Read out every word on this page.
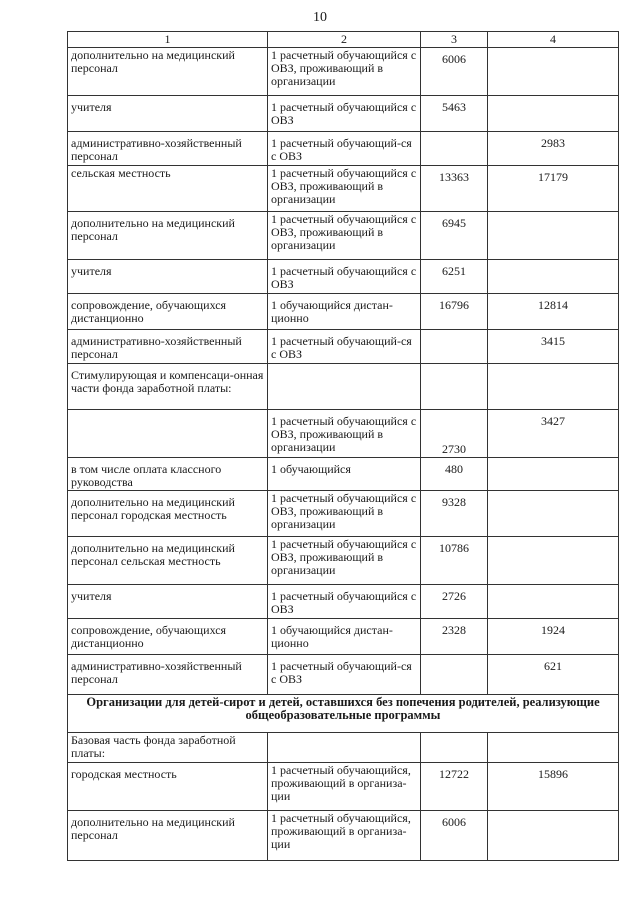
10
1	2	3	4
дополнительно на медицинский персонал	1 расчетный обучающийся с ОВЗ, проживающий в организации	6006	
учителя	1 расчетный обучающийся с ОВЗ	5463	
административно-хозяйственный персонал	1 расчетный обучающий-ся с ОВЗ		2983
сельская местность	1 расчетный обучающийся с ОВЗ, проживающий в организации	13363	17179
дополнительно на медицинский персонал	1 расчетный обучающийся с ОВЗ, проживающий в организации	6945	
учителя	1 расчетный обучающийся с ОВЗ	6251	
сопровождение, обучающихся дистанционно	1 обучающийся дистан-ционно	16796	12814
административно-хозяйственный персонал	1 расчетный обучающий-ся с ОВЗ		3415
Стимулирующая и компенсаци-онная части фонда заработной платы:			
	1 расчетный обучающийся с ОВЗ, проживающий в организации	2730	3427
в том числе оплата классного руководства	1 обучающийся	480	
дополнительно на медицинский персонал городская местность	1 расчетный обучающийся с ОВЗ, проживающий в организации	9328	
дополнительно на медицинский персонал сельская местность	1 расчетный обучающийся с ОВЗ, проживающий в организации	10786	
учителя	1 расчетный обучающийся с ОВЗ	2726	
сопровождение, обучающихся дистанционно	1 обучающийся дистан-ционно	2328	1924
административно-хозяйственный персонал	1 расчетный обучающий-ся с ОВЗ		621
Организации для детей-сирот и детей, оставшихся без попечения родителей, реализующие общеобразовательные программы			
Базовая часть фонда заработной платы:			
городская местность	1 расчетный обучающийся, проживающий в организа-ции	12722	15896
дополнительно на медицинский персонал	1 расчетный обучающийся, проживающий в организа-ции	6006	
